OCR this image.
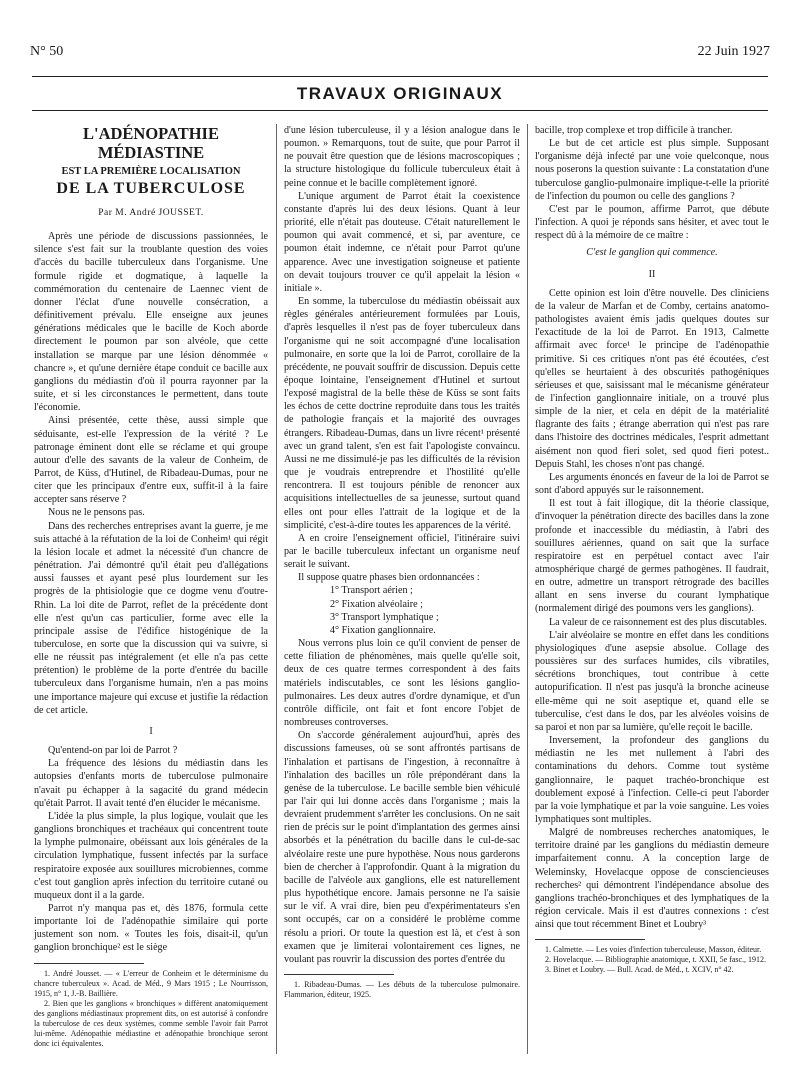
N° 50	22 Juin 1927
TRAVAUX ORIGINAUX
L'ADÉNOPATHIE MÉDIASTINE
EST LA PREMIÈRE LOCALISATION
DE LA TUBERCULOSE
Par M. André JOUSSET.

Après une période de discussions passionnées, le silence s'est fait sur la troublante question des voies d'accès du bacille tuberculeux dans l'organisme. Une formule rigide et dogmatique, à laquelle la commémoration du centenaire de Laennec vient de donner l'éclat d'une nouvelle consécration, a définitivement prévalu. Elle enseigne aux jeunes générations médicales que le bacille de Koch aborde directement le poumon par son alvéole, que cette installation se marque par une lésion dénommée « chancre », et qu'une dernière étape conduit ce bacille aux ganglions du médiastin d'où il pourra rayonner par la suite, et si les circonstances le permettent, dans toute l'économie.

Ainsi présentée, cette thèse, aussi simple que séduisante, est-elle l'expression de la vérité ? Le patronage éminent dont elle se réclame et qui groupe autour d'elle des savants de la valeur de Conheim, de Parrot, de Küss, d'Hutinel, de Ribadeau-Dumas, pour ne citer que les principaux d'entre eux, suffit-il à la faire accepter sans réserve ?

Nous ne le pensons pas.

Dans des recherches entreprises avant la guerre, je me suis attaché à la réfutation de la loi de Conheim¹ qui régit la lésion locale et admet la nécessité d'un chancre de pénétration. J'ai démontré qu'il était peu d'allégations aussi fausses et ayant pesé plus lourdement sur les progrès de la phtisiologie que ce dogme venu d'outre-Rhin. La loi dite de Parrot, reflet de la précédente dont elle n'est qu'un cas particulier, forme avec elle la principale assise de l'édifice histogénique de la tuberculose, en sorte que la discussion qui va suivre, si elle ne réussit pas intégralement (et elle n'a pas cette prétention) le problème de la porte d'entrée du bacille tuberculeux dans l'organisme humain, n'en a pas moins une importance majeure qui excuse et justifie la rédaction de cet article.

I

Qu'entend-on par loi de Parrot ?

La fréquence des lésions du médiastin dans les autopsies d'enfants morts de tuberculose pulmonaire n'avait pu échapper à la sagacité du grand médecin qu'était Parrot. Il avait tenté d'en élucider le mécanisme.

L'idée la plus simple, la plus logique, voulait que les ganglions bronchiques et trachéaux qui concentrent toute la lymphe pulmonaire, obéissant aux lois générales de la circulation lymphatique, fussent infectés par la surface respiratoire exposée aux souillures microbiennes, comme c'est tout ganglion après infection du territoire cutané ou muqueux dont il a la garde.

Parrot n'y manqua pas et, dès 1876, formula cette importante loi de l'adénopathie similaire qui porte justement son nom. « Toutes les fois, disait-il, qu'un ganglion bronchique² est le siège

1. André Jousset. — « L'erreur de Conheim et le déterminisme du chancre tuberculeux ». Acad. de Méd., 9 Mars 1915 ; Le Nourrisson, 1915, n° 1, J.-B. Baillière.

2. Bien que les ganglions « bronchiques » diffèrent anatomiquement des ganglions médiastinaux proprement dits, on est autorisé à confondre la tuberculose de ces deux systèmes, comme semble l'avoir fait Parrot lui-même. Adénopathie médiastine et adénopathie bronchique seront donc ici équivalentes.

d'une lésion tuberculeuse, il y a lésion analogue dans le poumon. » Remarquons, tout de suite, que pour Parrot il ne pouvait être question que de lésions macroscopiques ; la structure histologique du follicule tuberculeux était à peine connue et le bacille complètement ignoré.

L'unique argument de Parrot était la coexistence constante d'après lui des deux lésions. Quant à leur priorité, elle n'était pas douteuse. C'était naturellement le poumon qui avait commencé, et si, par aventure, ce poumon était indemne, ce n'était pour Parrot qu'une apparence. Avec une investigation soigneuse et patiente on devait toujours trouver ce qu'il appelait la lésion « initiale ».

En somme, la tuberculose du médiastin obéissait aux règles générales antérieurement formulées par Louis, d'après lesquelles il n'est pas de foyer tuberculeux dans l'organisme qui ne soit accompagné d'une localisation pulmonaire, en sorte que la loi de Parrot, corollaire de la précédente, ne pouvait souffrir de discussion. Depuis cette époque lointaine, l'enseignement d'Hutinel et surtout l'exposé magistral de la belle thèse de Küss se sont faits les échos de cette doctrine reproduite dans tous les traités de pathologie français et la majorité des ouvrages étrangers. Ribadeau-Dumas, dans un livre récent¹ présenté avec un grand talent, s'en est fait l'apologiste convaincu. Aussi ne me dissimulé-je pas les difficultés de la révision que je voudrais entreprendre et l'hostilité qu'elle rencontrera. Il est toujours pénible de renoncer aux acquisitions intellectuelles de sa jeunesse, surtout quand elles ont pour elles l'attrait de la logique et de la simplicité, c'est-à-dire toutes les apparences de la vérité.

A en croire l'enseignement officiel, l'itinéraire suivi par le bacille tuberculeux infectant un organisme neuf serait le suivant.

Il suppose quatre phases bien ordonnancées :

1° Transport aérien ;
2° Fixation alvéolaire ;
3° Transport lymphatique ;
4° Fixation ganglionnaire.

Nous verrons plus loin ce qu'il convient de penser de cette filiation de phénomènes, mais quelle qu'elle soit, deux de ces quatre termes correspondent à des faits matériels indiscutables, ce sont les lésions ganglio-pulmonaires. Les deux autres d'ordre dynamique, et d'un contrôle difficile, ont fait et font encore l'objet de nombreuses controverses.

On s'accorde généralement aujourd'hui, après des discussions fameuses, où se sont affrontés partisans de l'inhalation et partisans de l'ingestion, à reconnaître à l'inhalation des bacilles un rôle prépondérant dans la genèse de la tuberculose. Le bacille semble bien véhiculé par l'air qui lui donne accès dans l'organisme ; mais la devraient prudemment s'arrêter les conclusions. On ne sait rien de précis sur le point d'implantation des germes ainsi absorbés et la pénétration du bacille dans le cul-de-sac alvéolaire reste une pure hypothèse. Nous nous garderons bien de chercher à l'approfondir. Quant à la migration du bacille de l'alvéole aux ganglions, elle est naturellement plus hypothétique encore. Jamais personne ne l'a saisie sur le vif. A vrai dire, bien peu d'expérimentateurs s'en sont occupés, car on a considéré le problème comme résolu a priori. Or toute la question est là, et c'est à son examen que je limiterai volontairement ces lignes, ne voulant pas rouvrir la discussion des portes d'entrée du

1. Ribadeau-Dumas. — Les débuts de la tuberculose pulmonaire. Flammarion, éditeur, 1925.

bacille, trop complexe et trop difficile à trancher.

Le but de cet article est plus simple. Supposant l'organisme déjà infecté par une voie quelconque, nous nous poserons la question suivante : La constatation d'une tuberculose ganglio-pulmonaire implique-t-elle la priorité de l'infection du poumon ou celle des ganglions ?

C'est par le poumon, affirme Parrot, que débute l'infection. A quoi je réponds sans hésiter, et avec tout le respect dû à la mémoire de ce maître :

C'est le ganglion qui commence.

II

Cette opinion est loin d'être nouvelle. Des cliniciens de la valeur de Marfan et de Comby, certains anatomo-pathologistes avaient émis jadis quelques doutes sur l'exactitude de la loi de Parrot. En 1913, Calmette affirmait avec force¹ le principe de l'adénopathie primitive. Si ces critiques n'ont pas été écoutées, c'est qu'elles se heurtaient à des obscurités pathogéniques sérieuses et que, saisissant mal le mécanisme générateur de l'infection ganglionnaire initiale, on a trouvé plus simple de la nier, et cela en dépit de la matérialité flagrante des faits ; étrange aberration qui n'est pas rare dans l'histoire des doctrines médicales, l'esprit admettant aisément non quod fieri solet, sed quod fieri potest.. Depuis Stahl, les choses n'ont pas changé.

Les arguments énoncés en faveur de la loi de Parrot se sont d'abord appuyés sur le raisonnement.

Il est tout à fait illogique, dit la théorie classique, d'invoquer la pénétration directe des bacilles dans la zone profonde et inaccessible du médiastin, à l'abri des souillures aériennes, quand on sait que la surface respiratoire est en perpétuel contact avec l'air atmosphérique chargé de germes pathogènes. Il faudrait, en outre, admettre un transport rétrograde des bacilles allant en sens inverse du courant lymphatique (normalement dirigé des poumons vers les ganglions).

La valeur de ce raisonnement est des plus discutables.

L'air alvéolaire se montre en effet dans les conditions physiologiques d'une asepsie absolue. Collage des poussières sur des surfaces humides, cils vibratiles, sécrétions bronchiques, tout contribue à cette autopurification. Il n'est pas jusqu'à la bronche acineuse elle-même qui ne soit aseptique et, quand elle se tuberculise, c'est dans le dos, par les alvéoles voisins de sa paroi et non par sa lumière, qu'elle reçoit le bacille.

Inversement, la profondeur des ganglions du médiastin ne les met nullement à l'abri des contaminations du dehors. Comme tout système ganglionnaire, le paquet trachéo-bronchique est doublement exposé à l'infection. Celle-ci peut l'aborder par la voie lymphatique et par la voie sanguine. Les voies lymphatiques sont multiples.

Malgré de nombreuses recherches anatomiques, le territoire drainé par les ganglions du médiastin demeure imparfaitement connu. A la conception large de Weleminsky, Hovelacque oppose de consciencieuses recherches² qui démontrent l'indépendance absolue des ganglions trachéo-bronchiques et des lymphatiques de la région cervicale. Mais il est d'autres connexions : c'est ainsi que tout récemment Binet et Loubry³

1. Calmette. — Les voies d'infection tuberculeuse, Masson, éditeur.

2. Hovelacque. — Bibliographie anatomique, t. XXII, 5e fasc., 1912.

3. Binet et Loubry. — Bull. Acad. de Méd., t. XCIV, n° 42.
